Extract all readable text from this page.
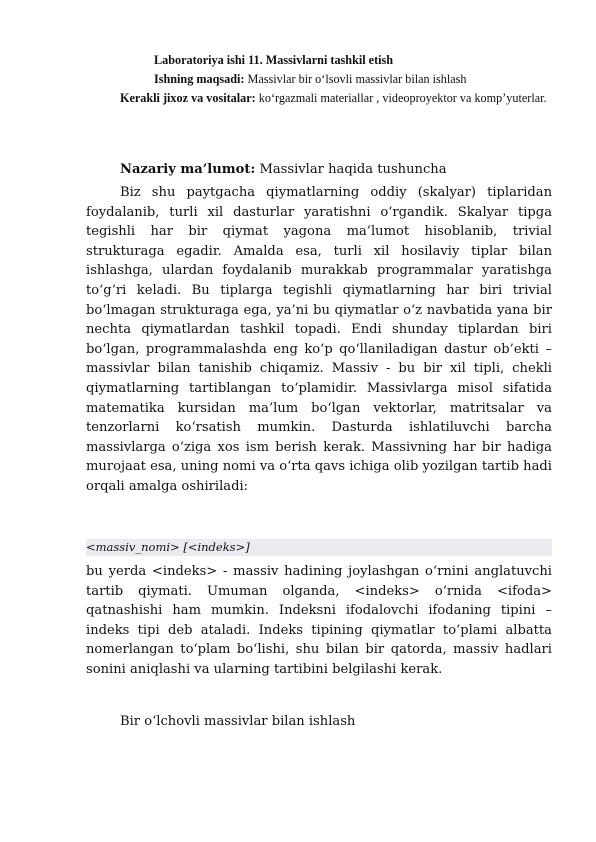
Laboratoriya ishi 11. Massivlarni tashkil etish
Ishning maqsadi: Massivlar bir o‘lsovli massivlar bilan ishlash
Kerakli jixoz va vositalar: ko‘rgazmali materiallar , videoproyektor va komp’yuterlar.
Nazariy ma’lumot: Massivlar haqida tushuncha
Biz shu paytgacha qiymatlarning oddiy (skalyar) tiplaridan foydalanib, turli xil dasturlar yaratishni o‘rgandik. Skalyar tipga tegishli har bir qiymat yagona ma’lumot hisoblanib, trivial strukturaga egadir. Amalda esa, turli xil hosilaviy tiplar bilan ishlashga, ulardan foydalanib murakkab programmalar yaratishga to‘g‘ri keladi. Bu tiplarga tegishli qiymatlarning har biri trivial bo‘lmagan strukturaga ega, ya’ni bu qiymatlar o‘z navbatida yana bir nechta qiymatlardan tashkil topadi. Endi shunday tiplardan biri bo‘lgan, programmalashda eng ko‘p qo‘llaniladigan dastur ob’ekti – massivlar bilan tanishib chiqamiz. Massiv - bu bir xil tipli, chekli qiymatlarning tartiblangan to‘plamidir. Massivlarga misol sifatida matematika kursidan ma’lum bo‘lgan vektorlar, matritsalar va tenzorlarni ko‘rsatish mumkin. Dasturda ishlatiluvchi barcha massivlarga o‘ziga xos ism berish kerak. Massivning har bir hadiga murojaat esa, uning nomi va o‘rta qavs ichiga olib yozilgan tartib hadi orqali amalga oshiriladi:
<massiv_nomi> [<indeks>]
bu yerda <indeks> - massiv hadining joylashgan o‘rnini anglatuvchi tartib qiymati. Umuman olganda, <indeks> o‘rnida <ifoda> qatnashishi ham mumkin. Indeksni ifodalovchi ifodaning tipini – indeks tipi deb ataladi. Indeks tipining qiymatlar to‘plami albatta nomerlangan to‘plam bo‘lishi, shu bilan bir qatorda, massiv hadlari sonini aniqlashi va ularning tartibini belgilashi kerak.
Bir o‘lchovli massivlar bilan ishlash
